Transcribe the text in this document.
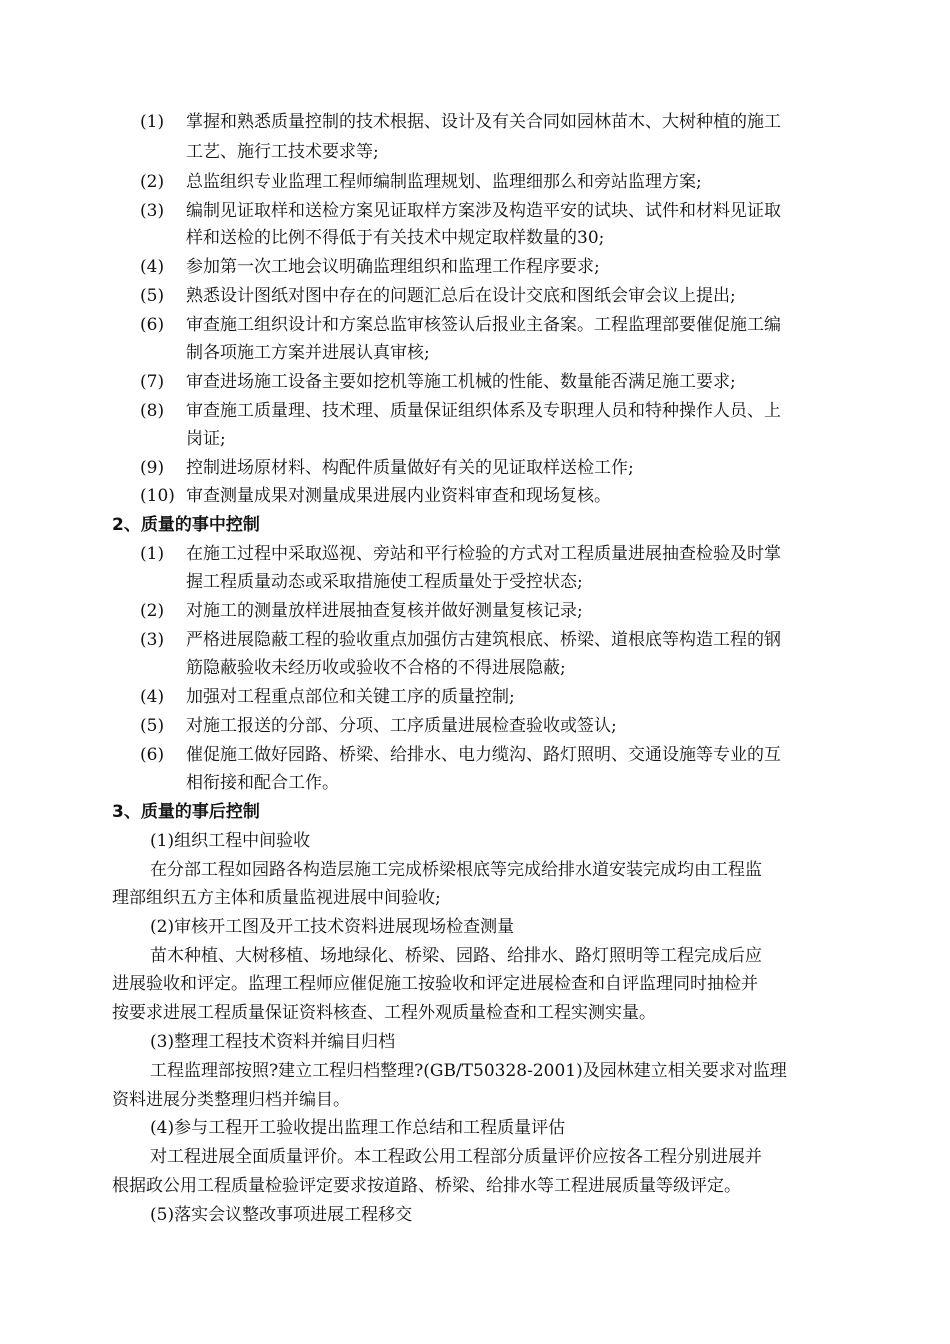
(1) 掌握和熟悉质量控制的技术根据、设计及有关合同如园林苗木、大树种植的施工
工艺、施行工技术要求等;
(2) 总监组织专业监理工程师编制监理规划、监理细那么和旁站监理方案;
(3) 编制见证取样和送检方案见证取样方案涉及构造平安的试块、试件和材料见证取
样和送检的比例不得低于有关技术中规定取样数量的30;
(4) 参加第一次工地会议明确监理组织和监理工作程序要求;
(5) 熟悉设计图纸对图中存在的问题汇总后在设计交底和图纸会审会议上提出;
(6) 审查施工组织设计和方案总监审核签认后报业主备案。工程监理部要催促施工编
制各项施工方案并进展认真审核;
(7) 审查进场施工设备主要如挖机等施工机械的性能、数量能否满足施工要求;
(8) 审查施工质量理、技术理、质量保证组织体系及专职理人员和特种操作人员、上
岗证;
(9) 控制进场原材料、构配件质量做好有关的见证取样送检工作;
(10) 审查测量成果对测量成果进展内业资料审查和现场复核。
2、质量的事中控制
(1) 在施工过程中采取巡视、旁站和平行检验的方式对工程质量进展抽查检验及时掌
握工程质量动态或采取措施使工程质量处于受控状态;
(2) 对施工的测量放样进展抽查复核并做好测量复核记录;
(3) 严格进展隐蔽工程的验收重点加强仿古建筑根底、桥梁、道根底等构造工程的钢
筋隐蔽验收未经历收或验收不合格的不得进展隐蔽;
(4) 加强对工程重点部位和关键工序的质量控制;
(5) 对施工报送的分部、分项、工序质量进展检查验收或签认;
(6) 催促施工做好园路、桥梁、给排水、电力缆沟、路灯照明、交通设施等专业的互
相衔接和配合工作。
3、质量的事后控制
(1)组织工程中间验收
在分部工程如园路各构造层施工完成桥梁根底等完成给排水道安装完成均由工程监
理部组织五方主体和质量监视进展中间验收;
(2)审核开工图及开工技术资料进展现场检查测量
苗木种植、大树移植、场地绿化、桥梁、园路、给排水、路灯照明等工程完成后应
进展验收和评定。监理工程师应催促施工按验收和评定进展检查和自评监理同时抽检并
按要求进展工程质量保证资料核查、工程外观质量检查和工程实测实量。
(3)整理工程技术资料并编目归档
工程监理部按照?建立工程归档整理?(GB/T50328-2001)及园林建立相关要求对监理
资料进展分类整理归档并编目。
(4)参与工程开工验收提出监理工作总结和工程质量评估
对工程进展全面质量评价。本工程政公用工程部分质量评价应按各工程分别进展并
根据政公用工程质量检验评定要求按道路、桥梁、给排水等工程进展质量等级评定。
(5)落实会议整改事项进展工程移交
